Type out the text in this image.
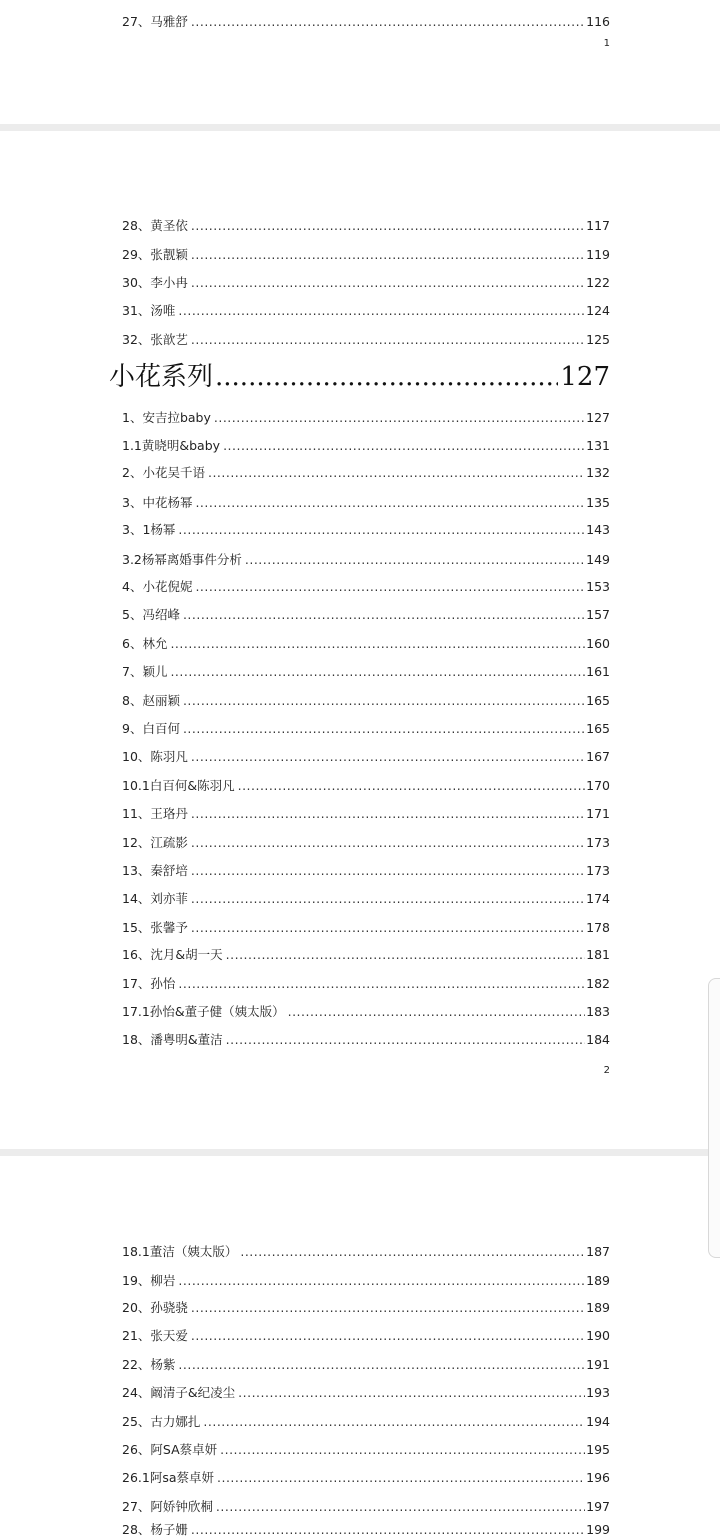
27、马雅舒 .....	116
1
28、黄圣依 .....	117
29、张靓颖 .....	119
30、李小冉 .....	122
31、汤唯 .....	124
32、张歆艺 .....	125
小花系列 .....	127
1、安吉拉baby .....	127
1.1黄晓明&baby .....	131
2、小花吴千语 .....	132
3、中花杨幂 .....	135
3、1杨幂 .....	143
3.2杨幂离婚事件分析 .....	149
4、小花倪妮 .....	153
5、冯绍峰 .....	157
6、林允 .....	160
7、颖儿 .....	161
8、赵丽颖 .....	165
9、白百何 .....	165
10、陈羽凡 .....	167
10.1白百何&陈羽凡 .....	170
11、王珞丹 .....	171
12、江疏影 .....	173
13、秦舒培 .....	173
14、刘亦菲 .....	174
15、张馨予 .....	178
16、沈月&胡一天 .....	181
17、孙怡 .....	182
17.1孙怡&董子健（姨太版） .....	183
18、潘粤明&董洁 .....	184
2
18.1董洁（姨太版） .....	187
19、柳岩 .....	189
20、孙骁骁 .....	189
21、张天爱 .....	190
22、杨紫 .....	191
24、阚清子&纪凌尘 .....	193
25、古力娜扎 .....	194
26、阿SA蔡卓妍 .....	195
26.1阿sa蔡卓妍 .....	196
27、阿娇钟欣桐 .....	197
28、杨子姗 .....	199
